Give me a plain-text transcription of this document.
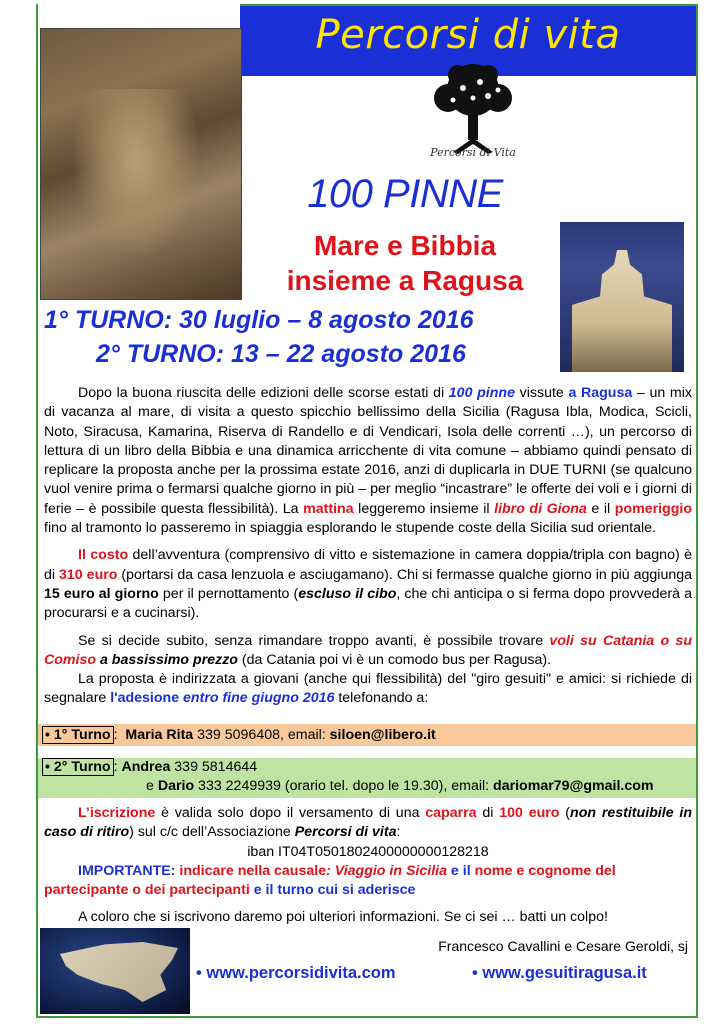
Percorsi di vita
Percorsi di Vita
100 PINNE
Mare e Bibbia
insieme a Ragusa
1° TURNO: 30 luglio – 8 agosto 2016
2° TURNO: 13 – 22 agosto 2016

Dopo la buona riuscita delle edizioni delle scorse estati di 100 pinne vissute a Ragusa – un mix di vacanza al mare, di visita a questo spicchio bellissimo della Sicilia (Ragusa Ibla, Modica, Scicli, Noto, Siracusa, Kamarina, Riserva di Randello e di Vendicari, Isola delle correnti …), un percorso di lettura di un libro della Bibbia e una dinamica arricchente di vita comune – abbiamo quindi pensato di replicare la proposta anche per la prossima estate 2016, anzi di duplicarla in DUE TURNI (se qualcuno vuol venire prima o fermarsi qualche giorno in più – per meglio “incastrare” le offerte dei voli e i giorni di ferie – è possibile questa flessibilità). La mattina leggeremo insieme il libro di Giona e il pomeriggio fino al tramonto lo passeremo in spiaggia esplorando le stupende coste della Sicilia sud orientale.

Il costo dell’avventura (comprensivo di vitto e sistemazione in camera doppia/tripla con bagno) è di 310 euro (portarsi da casa lenzuola e asciugamano). Chi si fermasse qualche giorno in più aggiunga 15 euro al giorno per il pernottamento (escluso il cibo, che chi anticipa o si ferma dopo provvederà a procurarsi e a cucinarsi).

Se si decide subito, senza rimandare troppo avanti, è possibile trovare voli su Catania o su Comiso a bassissimo prezzo (da Catania poi vi è un comodo bus per Ragusa).

La proposta è indirizzata a giovani (anche qui flessibilità) del "giro gesuiti" e amici: si richiede di segnalare l'adesione entro fine giugno 2016 telefonando a:

• 1° Turno :  Maria Rita 339 5096408, email: siloen@libero.it
• 2° Turno : Andrea 339 5814644
e Dario 333 2249939 (orario tel. dopo le 19.30), email: dariomar79@gmail.com

L’iscrizione è valida solo dopo il versamento di una caparra di 100 euro (non restituibile in caso di ritiro) sul c/c dell’Associazione Percorsi di vita:

iban IT04T0501802400000000128218

IMPORTANTE: indicare nella causale: Viaggio in Sicilia e il nome e cognome del partecipante o dei partecipanti e il turno cui si aderisce

A coloro che si iscrivono daremo poi ulteriori informazioni. Se ci sei … batti un colpo!

Francesco Cavallini e Cesare Geroldi, sj
• www.percorsidivita.com	• www.gesuitiragusa.it
